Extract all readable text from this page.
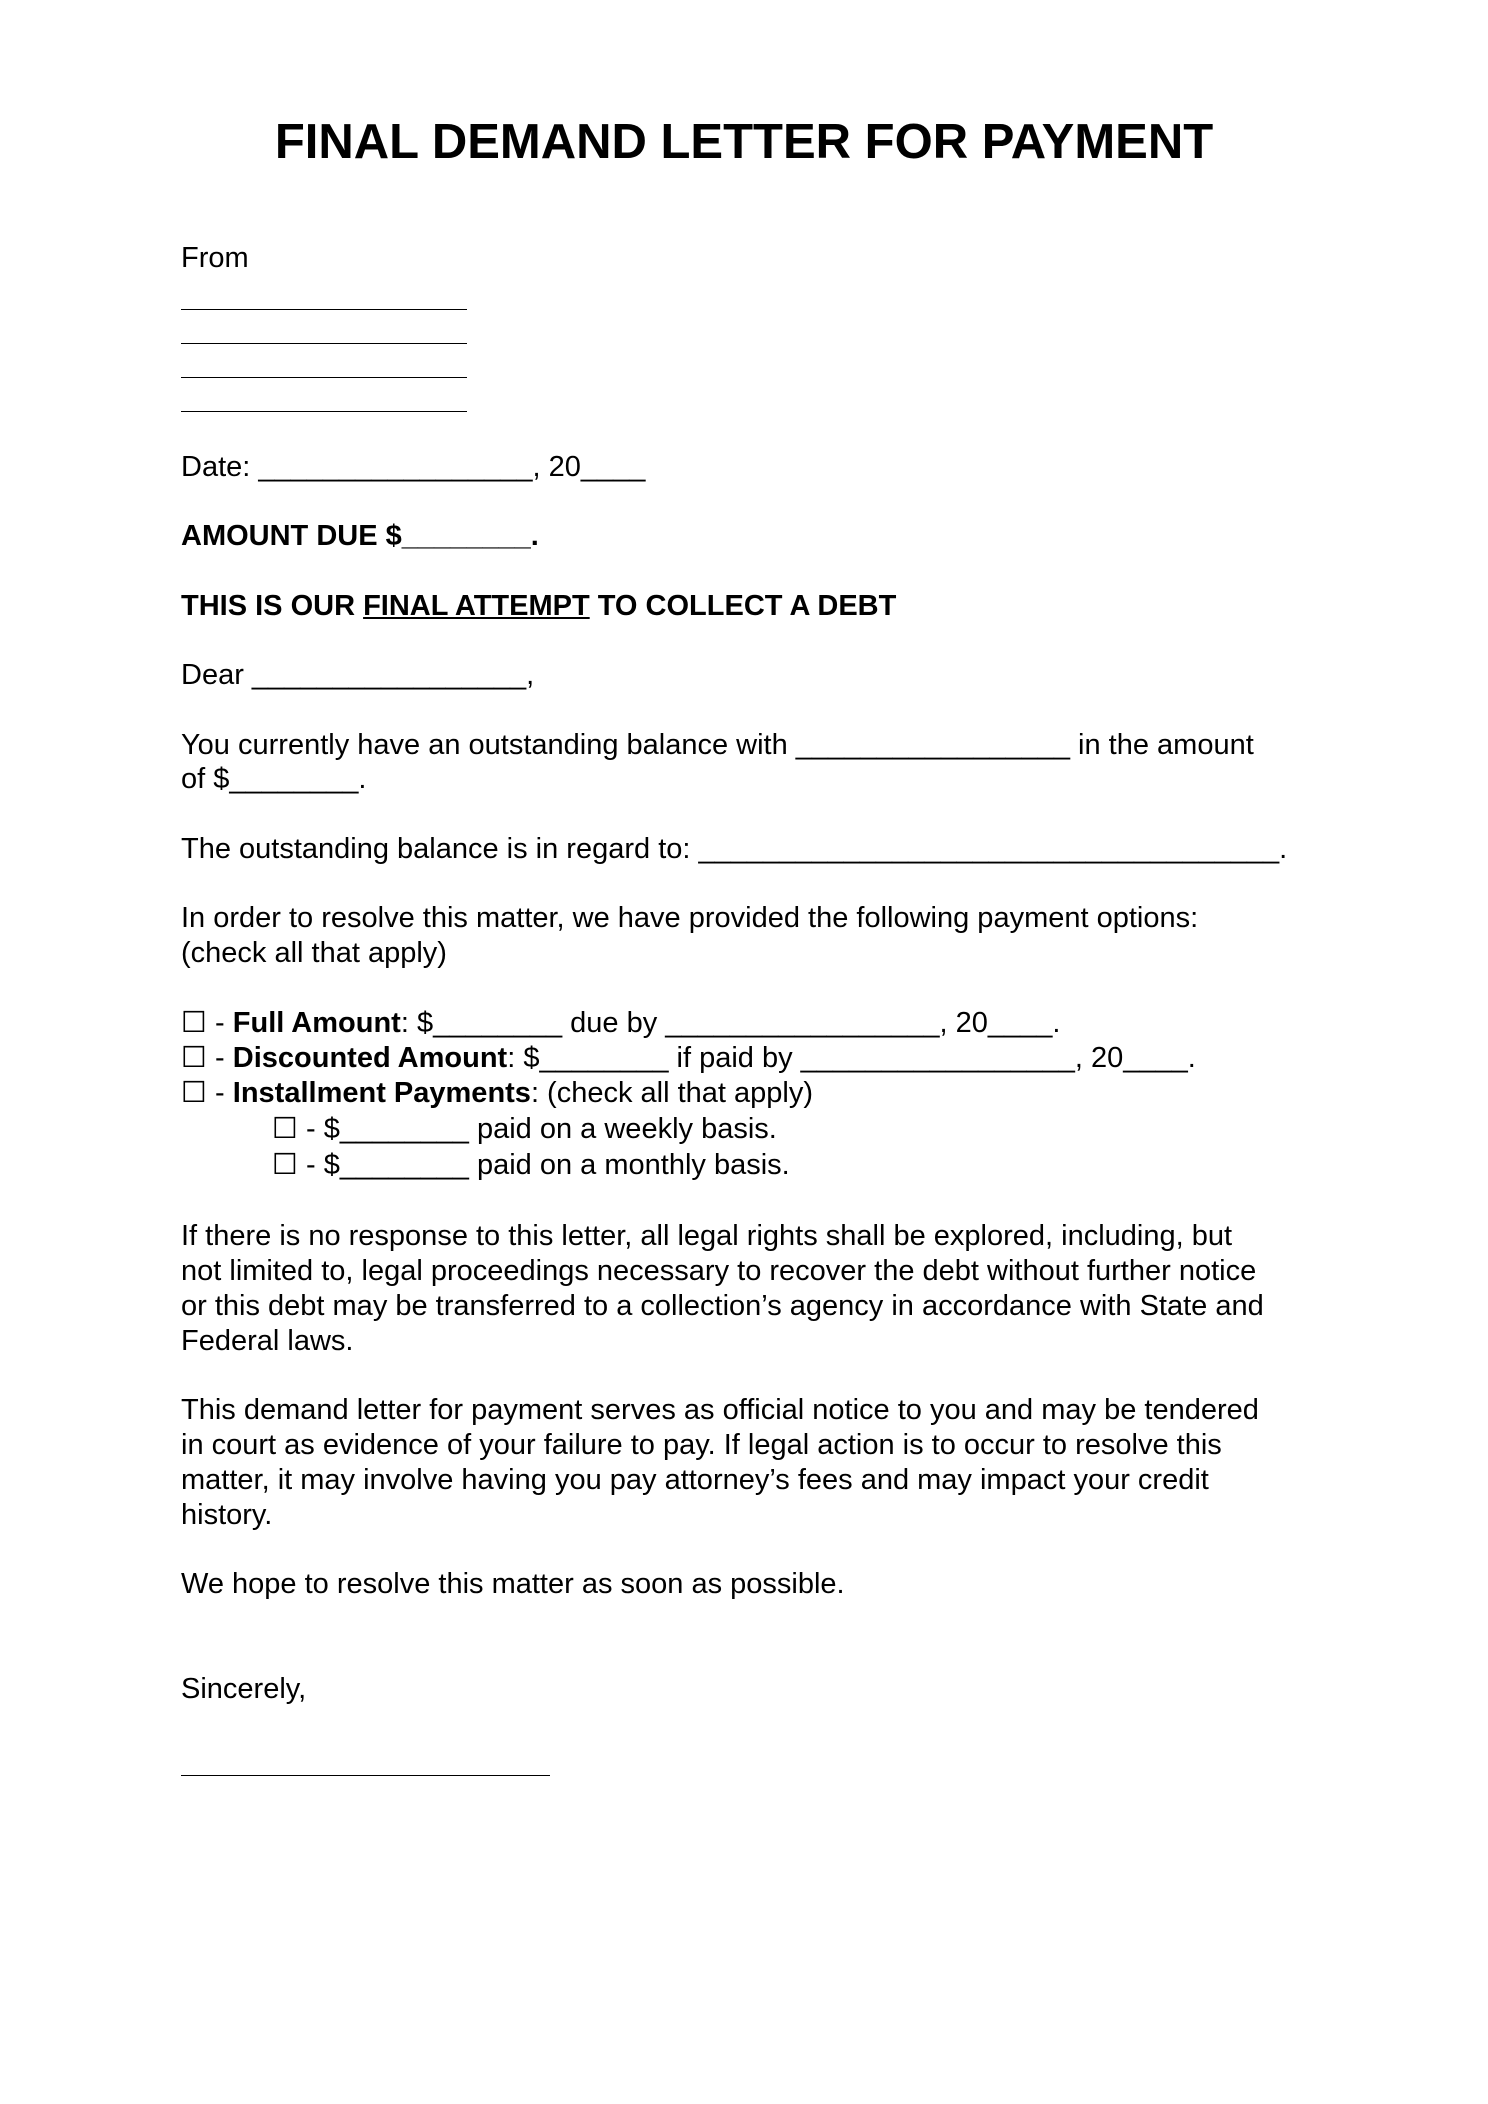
FINAL DEMAND LETTER FOR PAYMENT
From
Date: _________________, 20____
AMOUNT DUE $________.
THIS IS OUR FINAL ATTEMPT TO COLLECT A DEBT
Dear _________________,
You currently have an outstanding balance with _________________ in the amount
of $________.
The outstanding balance is in regard to: ____________________________________.
In order to resolve this matter, we have provided the following payment options:
(check all that apply)
☐ - Full Amount: $________ due by _________________, 20____.
☐ - Discounted Amount: $________ if paid by _________________, 20____.
☐ - Installment Payments: (check all that apply)
☐ - $________ paid on a weekly basis.
☐ - $________ paid on a monthly basis.
If there is no response to this letter, all legal rights shall be explored, including, but
not limited to, legal proceedings necessary to recover the debt without further notice
or this debt may be transferred to a collection’s agency in accordance with State and
Federal laws.
This demand letter for payment serves as official notice to you and may be tendered
in court as evidence of your failure to pay. If legal action is to occur to resolve this
matter, it may involve having you pay attorney’s fees and may impact your credit
history.
We hope to resolve this matter as soon as possible.
Sincerely,
